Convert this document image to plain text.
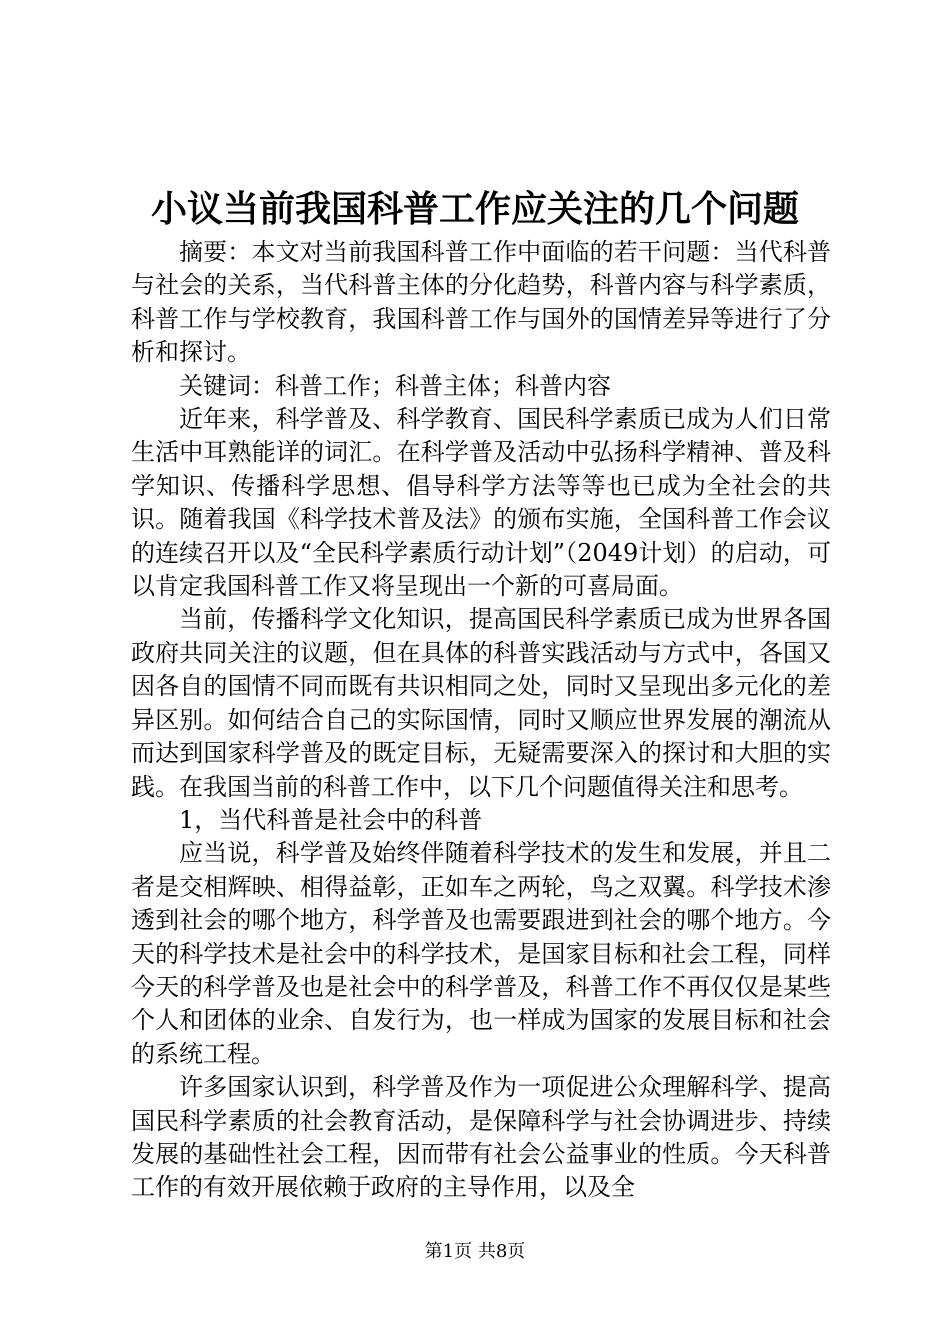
小议当前我国科普工作应关注的几个问题

摘要：本文对当前我国科普工作中面临的若干问题：当代科普与社会的关系，当代科普主体的分化趋势，科普内容与科学素质，科普工作与学校教育，我国科普工作与国外的国情差异等进行了分析和探讨。

关键词：科普工作；科普主体；科普内容

近年来，科学普及、科学教育、国民科学素质已成为人们日常生活中耳熟能详的词汇。在科学普及活动中弘扬科学精神、普及科学知识、传播科学思想、倡导科学方法等等也已成为全社会的共识。随着我国《科学技术普及法》的颁布实施，全国科普工作会议的连续召开以及“全民科学素质行动计划”（2049计划）的启动，可以肯定我国科普工作又将呈现出一个新的可喜局面。

当前，传播科学文化知识，提高国民科学素质已成为世界各国政府共同关注的议题，但在具体的科普实践活动与方式中，各国又因各自的国情不同而既有共识相同之处，同时又呈现出多元化的差异区别。如何结合自己的实际国情，同时又顺应世界发展的潮流从而达到国家科学普及的既定目标，无疑需要深入的探讨和大胆的实践。在我国当前的科普工作中，以下几个问题值得关注和思考。

1，当代科普是社会中的科普

应当说，科学普及始终伴随着科学技术的发生和发展，并且二者是交相辉映、相得益彰，正如车之两轮，鸟之双翼。科学技术渗透到社会的哪个地方，科学普及也需要跟进到社会的哪个地方。今天的科学技术是社会中的科学技术，是国家目标和社会工程，同样今天的科学普及也是社会中的科学普及，科普工作不再仅仅是某些个人和团体的业余、自发行为，也一样成为国家的发展目标和社会的系统工程。

许多国家认识到，科学普及作为一项促进公众理解科学、提高国民科学素质的社会教育活动，是保障科学与社会协调进步、持续发展的基础性社会工程，因而带有社会公益事业的性质。今天科普工作的有效开展依赖于政府的主导作用，以及全

第1页 共8页
